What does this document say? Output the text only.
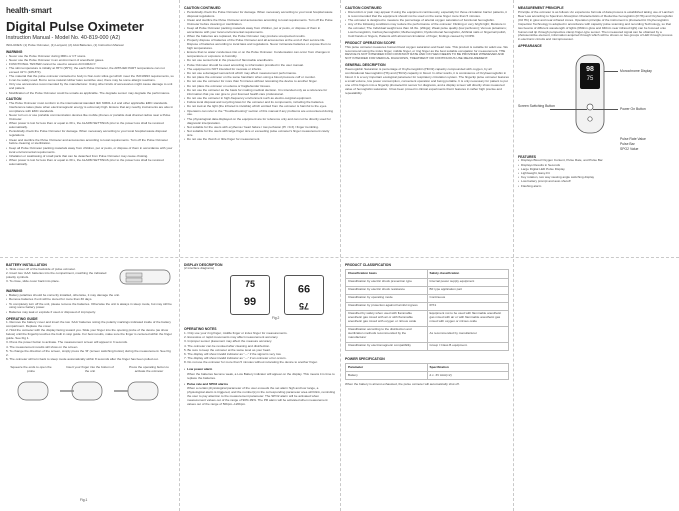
health·smart
Digital Pulse Oximeter
Instruction Manual - Model No. 40-819-000 (A2)
INCLUDES: (1) Pulse Oximeter, (1) Lanyard, (2) AAA Batteries, (1) Instruction Manual
WARNING
• Never use the Pulse Oximeter during MRIs or CT scans.
• Never use the Pulse Oximeter in an environment of anesthetic gases.
• FUNCTIONAL TESTER cannot be used to assess ACCURACY.
• The skin temperature is initially at 35°C (95°F); the each Pulse Oximeter, the APPLIED PART temperature can not exceed 41°C (105.8°F).
• The material that the pulse oximeter contacted to body is Non-toxic silica gel which meet the ISO10993 requirements, so it can be safely used. But to some natural rubber latex sensitive user, there may be some allergic reactions.
• Only use accessories recommended by the manufacturer. Using other kinds of accessories might cause damage to unit and patient.
• Modification of the Pulse Oximeter could be unsafe as applicable. The degrade sensor may degrade the performance.
CAUTION
• The Pulse Oximeter must conform to the international standard IEC 60601-1-2 and other applicable EMC standards. Interference takes place when electromagnetic energy is extremely high. Ensure that any nearby instruments are also in compliance with EMC standards.
• Never turn on or use portable communication devices like mobile phones or portable dual channel radios near a Pulse Oximeter.
• When power is lost for less than or equal to 30 s, the ALARM SETTINGS prior to the power loss shall be restored automatically.
• Periodically check the Pulse Oximeter for damage. When necessary according to your local hospital waste disposal regulations.
• Clean and sterilize the Pulse Oximeter and accessories according to local requirements. Turn off the Pulse Oximeter before cleaning or sterilization.
• Keep all Pulse Oximeter packing materials away from children, pet or pests, or dispose of them in accordance with your local environmental requirements.
• Inhalation or swallowing of small parts that can be detached from Pulse Oximeter may cause choking.
• When power is lost for less than or equal to 30 s, the ALARM SETTINGS prior to the power loss shall be restored automatically.
CAUTION CONTINUED
• Periodically check the Pulse Oximeter for damage. When necessary according to your local hospital waste disposal regulations.
• Clean and sterilize the Pulse Oximeter and accessories according to local requirements. Turn off the Pulse Oximeter before cleaning or sterilization.
• Keep all Pulse Oximeter packing materials away from children, pet or pests, or dispose of them in accordance with your local environmental requirements.
• When the batteries are replaced, the Pulse Oximeter may produce unexpected results.
• Properly dispose of batteries of the Pulse Oximeter and all accessories at the end of their service life. Dispose of batteries according to local laws and regulations. Never incinerate batteries or expose them to high temperatures.
• Ensure that no water condenses into or on the Pulse Oximeter. Condensation can occur from changes in temperature or exposure to humidity.
• Do not use sensor/unit in the present of flammable anesthetics.
• Pulse Oximeter should be used according to information provided in the user manual.
• The equipment is NOT intended for neonate or infants.
• Do not use a damaged sensor/unit which may affect measurement performance.
• Do not place the oximeter on the same hand/arm when using a blood pressure cuff or monitor.
• Do not use the oximeter for more than 5 minutes without relocating the device to another finger.
• Do not place the oximeter on edema or fragile/tender tissues.
• Do not use the oximeter as the basis for making medical decision. It is intended only as a reference for information that you can give to your licensed health care professional.
• Do not use the oximeter in high-frequency environment such as electro-surgical equipment.
• Follow local disposal and recycling laws for the oximeter and its components, including the batteries.
• Do not look at the light (the infrared is invisible) which emitted from the oximeter is harmful to the eyes.
• Operators can refer to the "Troubleshooting" section of this manual if any problems are encountered during use.
• The physiological data displayed on the equipment are for reference only and can not be directly used for diagnostic interpretation.
• Not suitable for the users with erythema / heart failure / low perfusion (PI <0.3) / finger trembling.
• Not suitable for the users with large finger size or exceeding pulse oximeter's finger measurement cavity size.
• Do not use the thumb or little finger for measurement.
CAUTION CONTINUED
• Discomfort or pain may appear if using the equipment continuously, especially for those circulation barrier patients, it is recommended that the equipment should not be used on the same finger more than 5 minutes.
• The oximeter is designed to measure the percentage of arterial oxygen saturation of functional hemoglobin.
• Any of the following conditions may reduce the performance of the oximeter: Flicking or very bright light; Moisture in the oximeter; The Individual weight less than 44 lbs. (20kgs); Weak pulse quality (low perfusion); Venous pulsations; Low hemoglobin, Carboxyhemoglobin; Methemoglobin; Dysfunctional hemoglobin, Artificial nails or fingernail polish, Cold hands or fingers, Patients with abnormal circulation of finger, findings caused by COPD.
PRODUCT OPERATION SCOPE
This pulse oximeter measures human blood oxygen saturation and heart rate. This product is suitable for adult use. We recommend using the index finger, middle finger, or ring finger as the best suitable occupation for measurement. THE DEVICE IS NOT INTENDED FOR CONSTANT RATE AND OXYGEN NEEDS TO BE PROVIDED WHENEVER AND NOT INTENDED FOR MEDICAL DIAGNOSIS, TREATMENT OR CONTINUOUS USE MEASUREMENT.
GENERAL DESCRIPTION
Haemoglobin Saturation is percentage of Oxyhemoglobin (HbO2) capacity compounded with oxygen, by all combinational haemoglobin (Hb) and (HbO2) capacity in blood. In other words, it is consistence of Oxyhaemoglobin in blood. It is a very important ecological parameter for respiratory circulation system. The fingertip pulse oximeter features a small volume, low power consumption, convenient operation and being portable. It is only necessary for patient to put one of his fingers into a fingertip photoelectric sensor for diagnosis, and a display screen will directly show measured value of hemoglobin saturation. It has been proved in clinical experiments that it features in rather high precise and repeatability.
MEASUREMENT PRINCIPLE
Principle of the oximeter is as follows: An experience formula of data process is established taking use of Lambert Beer Law according to Spectrum Absorption Characteristics of Reductive hemoglobin (R Hb) and Oxyhemoglobin (O2 Hb) in glow and near-infrared zones. Operation principle of the instrument is photoelectric Oxyhemoglobin Inspection Technology is adopted in accordance with capacity pulse scanning and recording Technology, so that two beams of different wavelength of lights (660nm glow and 940nm near infrared light) can be focused onto human nail tip through perspective clamp finger-type sensor. Then measured signal can be obtained by a photosensitive element, information acquired through which will be shown on two groups of LED through process in electronic circuits and microprocessor.
APPEARANCE
98
75
Monochrome Display
Screen Switching Button
Power On Button
Pulse Rate Value
Pulse Bar
SPO2 Value
FEATURES
• Displays Blood Oxygen Content, Pulse Rate, and Pulse Bar
• Displays Results in Seconds
• Large Digital LED Pulse Display
• Lightweight, Easy-Fit
• Key rotation, two way viewing angle switching display
• Low battery prompt and auto shutoff
• Flashing alarm
BATTERY INSTALLATION
1. Slide cover off of the backside of pulse oximeter.
2. Insert two 'AAA' batteries into the compartment, matching the indicated polarity symbols.
3. To close, slide cover back into place.
WARNING
• Battery polarities should be correctly installed, otherwise, it may damage the unit.
• Remove batteries if unit will be stored for more than 30 days.
• To completely turn off the unit, please remove the batteries. Otherwise the unit is always in sleep mode, but may still be using some battery power.
• Batteries may leak or explode if used or disposed of improperly.
OPERATING GUIDE
1. Remove the battery cover and insert the two 'AAA' batteries noting the polarity markings indicated inside of the battery compartment. Replace the cover.
2. Hold the oximeter with the display facing toward you. Slide your finger into the opening probe of the device (as show below) until the fingertip touches the built in stop guide. For best results, make sure the finger is centered within the finger guide. See Fig 1.
3. Press the power button to activate. The measurement screen will appear in 3 seconds.
4. The measurement results will show on the screen.
5. To change the direction of the screen, simply press the 'M' (screen switching button) during the measurement. See Fig 2.
6. The oximeter will turn back to sleep mode automatically within 8 seconds after the finger has been pulled out.
Squeeze the ends to open the probe
Insert your finger into the bottom of the unit
Press the operating button to activate the oximeter
Fig.1
DISPLAY DESCRIPTION
(2 interface diagrams)
75
99	75
99
Fig.2
OPERATING NOTES
1. Only use your ring finger, middle finger or index finger for measurements.
2. Excessive or rapid movements may affect measurement accuracy.
3. Improper sensor placement may affect the measure accuracy.
4. The oximeter can be revoked after cleaning and disinfection.
5. Be sure to keep the oximeter at the same level as your heart.
6. The display will show invalid indicator as "---" if the signal is very low.
7. The display will show invalid indicator as "---" if an oximeter error occurs.
8. Do not use the oximeter for more than 5 minutes without relocating the device to another finger.
• Low power alarm
When the batteries become weak, a Low Battery indicator will appear on the display. This means it is time to replace the batteries.
• Pulse rate and SPO2 alarms
When a certain physiological parameter of the user exceeds the set alarm high and low range, a physiological alarm is triggered, and the number(s) in the corresponding parameter area will blink, reminding the user to pay attention to the measurement parameter. The SPO2 alarm will be activated when measurement values out of the range of 90%-99%. The PR alarm will be activated when measurement values out of the range of 50bpm~120bpm.
PRODUCT CLASSIFICATION
Classification basis	Safety classification
Classification by electric shock prevention type	Internal power supply equipment
Classification by electric shock resistance	BF type application part
Classification by operating mode	Continuous
Classification by protection against harmful ingress	IPX1
Classified by safety when used with flammable anesthetic gas mixed with air or with flammable anesthetic gas mixed with oxygen or nitrous oxide	Equipment not to be used with flammable anesthetic gas mixed with air or with flammable anesthetic gas mixed with oxygen or nitrous oxide
Classification according to the disinfection and sterilization methods recommended by the manufacturer	As recommended by manufacturer
Classification by electromagnetic compatibility	Group I Class B equipment.
POWER SPECIFICATION
Parameter	Specification
Battery	d.c. 3V AAA(×2)
When the battery is almost exhausted, the pulse oximeter will automatically shut off.
